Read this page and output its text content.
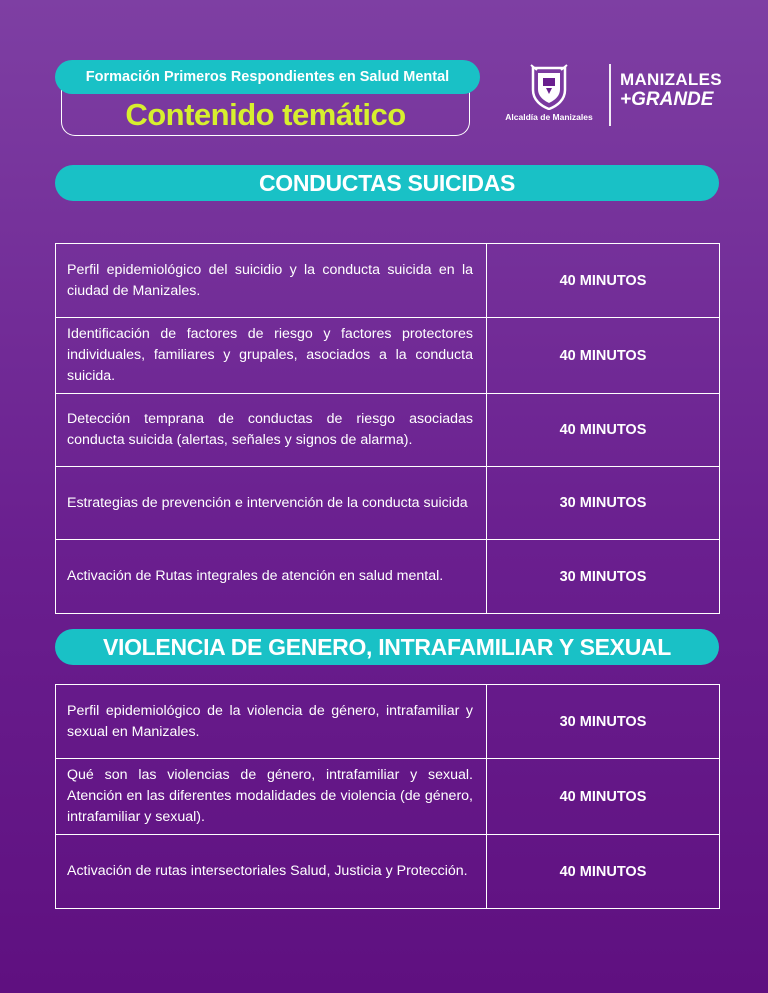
Formación Primeros Respondientes en Salud Mental
Contenido temático	Alcaldía de Manizales
MANIZALES
+GRANDE
CONDUCTAS SUICIDAS
Perfil epidemiológico del suicidio y la conducta suicida en la ciudad de Manizales.	40 MINUTOS
Identificación de factores de riesgo y factores protectores individuales, familiares y grupales, asociados a la conducta suicida.	40 MINUTOS
Detección temprana de conductas de riesgo asociadas conducta suicida (alertas, señales y signos de alarma).	40 MINUTOS
Estrategias de prevención e intervención de la conducta suicida	30 MINUTOS
Activación de Rutas integrales de atención en salud mental.	30 MINUTOS
VIOLENCIA DE GENERO, INTRAFAMILIAR Y SEXUAL
Perfil epidemiológico de la violencia de género, intrafamiliar y sexual en Manizales.	30 MINUTOS
Qué son las violencias de género, intrafamiliar y sexual. Atención en las diferentes modalidades de violencia (de género, intrafamiliar y sexual).	40 MINUTOS
Activación de rutas intersectoriales Salud, Justicia y Protección.	40 MINUTOS
